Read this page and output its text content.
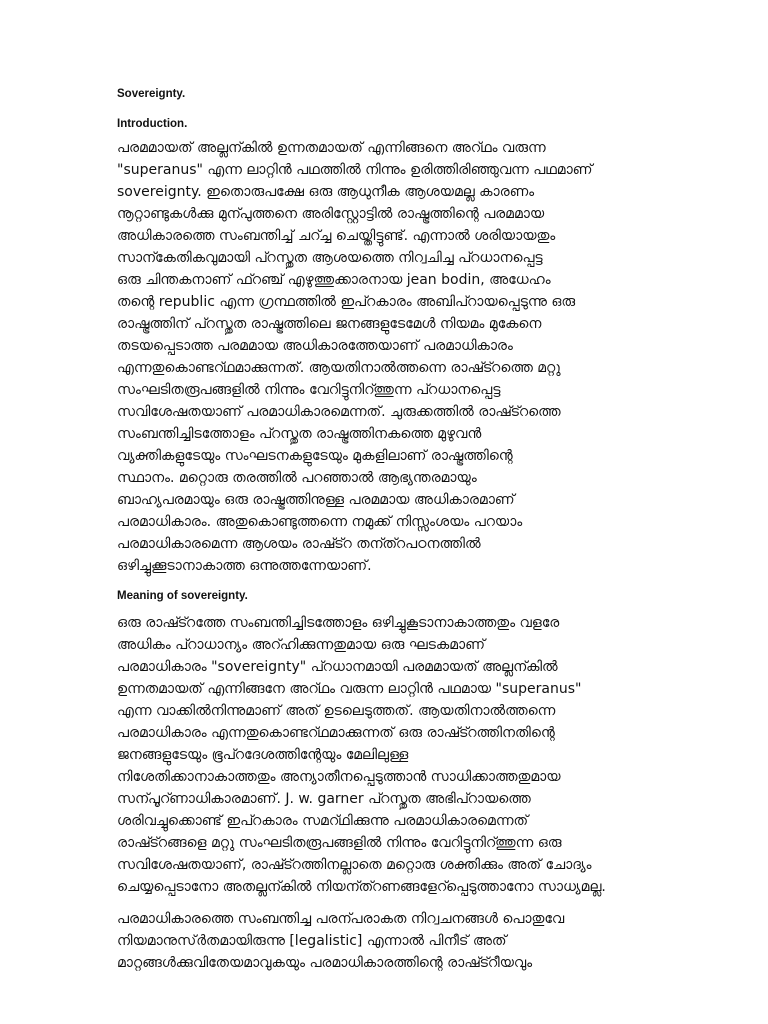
Sovereignty.

Introduction.

പരമമായത് അല്ലന്കിൽ ഉന്നതമായത് എന്നിങ്ങനെ അറ്ഥം വരുന്ന
"superanus" എന്ന ലാറ്റിൻ പഥത്തിൽ നിന്നും ഉരിത്തിരിഞ്ഞുവന്ന പഥമാണ്
sovereignty. ഇതൊരുപക്ഷേ ഒരു ആധുനീക ആശയമല്ല കാരണം
നൂറ്റാണ്ടുകൾക്കു മുന്പുത്തനെ അരിസ്റ്റോട്ടിൽ രാഷ്ട്രത്തിന്റെ പരമമായ
അധികാരത്തെ സംബന്തിച്ച് ചറ്ച്ച ചെയ്തിട്ടുണ്ട്. എന്നാൽ ശരിയായതും
സാന്കേതികവുമായി പ്റസ്തുത ആശയത്തെ നിറ്വചിച്ച പ്റധാനപ്പെട്ട
ഒരു ചിന്തകനാണ് ഫ്റഞ്ച് എഴുത്തുക്കാരനായ jean bodin, അധേഹം
തന്റെ republic എന്ന ഗ്രന്ഥത്തിൽ ഇപ്റകാരം അബിപ്റായപ്പെടുന്നു ഒരു
രാഷ്ട്രത്തിന് പ്റസ്തുത രാഷ്ട്രത്തിലെ ജനങ്ങളുടേമേൾ നിയമം മുകേനെ
തടയപ്പെടാത്ത പരമമായ അധികാരത്തേയാണ് പരമാധികാരം
എന്നതുകൊണ്ടറ്ഥമാക്കുന്നത്. ആയതിനാൽത്തന്നെ രാഷ്ട്റത്തെ മറ്റു
സംഘടിതരൂപങ്ങളിൽ നിന്നും വേറിട്ടുനിറ്ത്തുന്ന പ്റധാനപ്പെട്ട
സവിശേഷതയാണ് പരമാധികാരമെന്നത്. ചുരുക്കത്തിൽ രാഷ്ട്റത്തെ
സംബന്തിച്ചിടത്തോളം പ്റസ്തുത രാഷ്ട്രത്തിനകത്തെ മുഴുവൻ
വ്യക്തികളുടേയും സംഘടനകളുടേയും മുകളിലാണ് രാഷ്ട്രത്തിന്റെ
സ്ഥാനം. മറ്റൊരു തരത്തിൽ പറഞ്ഞാൽ ആഭ്യന്തരമായും
ബാഹ്യപരമായും ഒരു രാഷ്ട്രത്തിനുള്ള പരമമായ അധികാരമാണ്
പരമാധികാരം. അതുകൊണ്ടുത്തന്നെ നമുക്ക് നിസ്സംശയം പറയാം
പരമാധികാരമെന്ന ആശയം രാഷ്ട്റ തന്ത്റപഠനത്തിൽ
ഒഴിച്ചുക്കൂടാനാകാത്ത ഒന്നുത്തന്നേയാണ്.

Meaning of sovereignty.

ഒരു രാഷ്ട്റത്തേ സംബന്തിച്ചിടത്തോളം ഒഴിച്ചുകൂടാനാകാത്തതും വളരേ
അധികം പ്റാധാന്യം അറ്ഹിക്കുന്നതുമായ ഒരു ഘടകമാണ്
പരമാധികാരം "sovereignty" പ്റധാനമായി പരമമായത് അല്ലന്കിൽ
ഉന്നതമായത് എന്നിങ്ങനേ അറ്ഥം വരുന്ന ലാറ്റിൻ പഥമായ "superanus"
എന്ന വാക്കിൽനിന്നുമാണ് അത് ഉടലെടുത്തത്. ആയതിനാൽത്തന്നെ
പരമാധികാരം എന്നതുകൊണ്ടറ്ഥമാക്കുന്നത് ഒരു രാഷ്ട്റത്തിനതിന്റെ
ജനങ്ങളുടേയും ഭൂപ്റദേശത്തിന്റേയും മേലിലുള്ള
നിശേതിക്കാനാകാത്തതും അന്യാതീനപ്പെടുത്താൻ സാധിക്കാത്തതുമായ
സന്പൂറ്ണാധികാരമാണ്. J. w. garner പ്റസ്തുത അഭിപ്റായത്തെ
ശരിവച്ചുക്കൊണ്ട് ഇപ്റകാരം സമറ്ഥിക്കുന്നു പരമാധികാരമെന്നത്
രാഷ്ട്റങ്ങളെ മറ്റു സംഘടിതരൂപങ്ങളിൽ നിന്നും വേറിട്ടുനിറ്ത്തുന്ന ഒരു
സവിശേഷതയാണ്, രാഷ്ട്റത്തിനല്ലാതെ മറ്റൊരു ശക്തിക്കും അത് ചോദ്യം
ചെയ്യപ്പെടാനോ അതല്ലന്കിൽ നിയന്ത്റണങ്ങളേറ്പ്പെടുത്താനോ സാധ്യമല്ല.
പരമാധികാരത്തെ സംബന്തിച്ച പരന്പരാകത നിറ്വചനങ്ങൾ പൊതുവേ
നിയമാനുസ്ർതമായിരുന്നു [legalistic] എന്നാൽ പിനീട് അത്
മാറ്റങ്ങൾക്കുവിതേയമാവുകയും പരമാധികാരത്തിന്റെ രാഷ്ട്റീയവും
